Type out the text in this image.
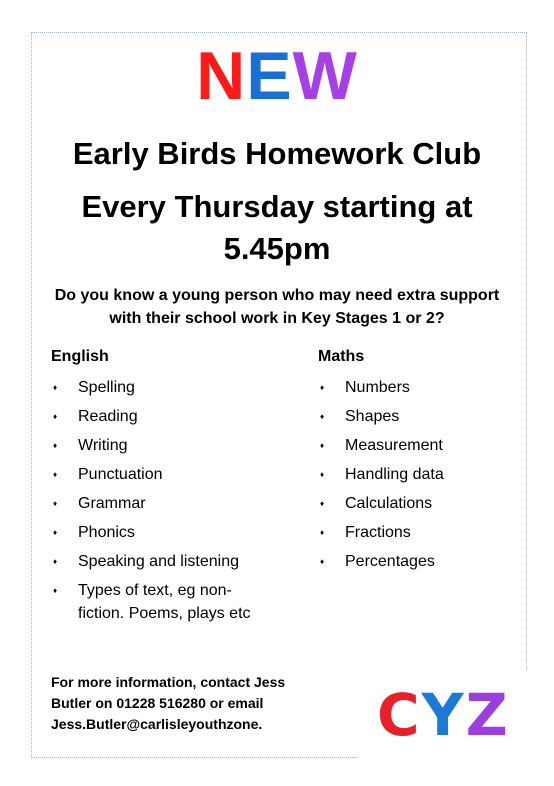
NEW
Early Birds Homework Club
Every Thursday starting at
5.45pm
Do you know a young person who may need extra support
with their school work in Key Stages 1 or 2?
English
♦ Spelling
♦ Reading
♦ Writing
♦ Punctuation
♦ Grammar
♦ Phonics
♦ Speaking and listening
♦ Types of text, eg non-
fiction. Poems, plays etc
Maths
♦ Numbers
♦ Shapes
♦ Measurement
♦ Handling data
♦ Calculations
♦ Fractions
♦ Percentages
For more information, contact Jess
Butler on 01228 516280 or email
Jess.Butler@carlisleyouthzone.	CYZ
